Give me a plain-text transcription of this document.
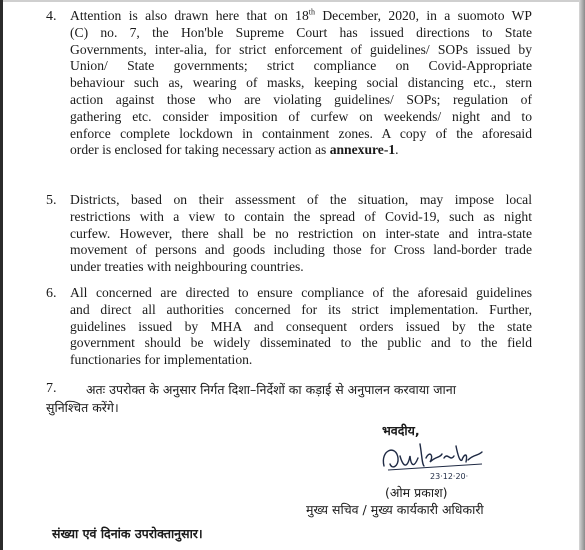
4. Attention is also drawn here that on 18th December, 2020, in a suomoto WP
(C) no. 7, the Hon'ble Supreme Court has issued directions to State
Governments, inter-alia, for strict enforcement of guidelines/ SOPs issued by
Union/ State governments; strict compliance on Covid-Appropriate
behaviour such as, wearing of masks, keeping social distancing etc., stern
action against those who are violating guidelines/ SOPs; regulation of
gathering etc. consider imposition of curfew on weekends/ night and to
enforce complete lockdown in containment zones. A copy of the aforesaid
order is enclosed for taking necessary action as annexure-1.
5. Districts, based on their assessment of the situation, may impose local
restrictions with a view to contain the spread of Covid-19, such as night
curfew. However, there shall be no restriction on inter-state and intra-state
movement of persons and goods including those for Cross land-border trade
under treaties with neighbouring countries.
6. All concerned are directed to ensure compliance of the aforesaid guidelines
and direct all authorities concerned for its strict implementation. Further,
guidelines issued by MHA and consequent orders issued by the state
government should be widely disseminated to the public and to the field
functionaries for implementation.
7. अतः उपरोक्त के अनुसार निर्गत दिशा–निर्देशों का कड़ाई से अनुपालन करवाया जाना
सुनिश्चित करेंगे।
भवदीय,
23·12·20·
(ओम प्रकाश)
मुख्य सचिव / मुख्य कार्यकारी अधिकारी
संख्या एवं दिनांक उपरोक्तानुसार।
